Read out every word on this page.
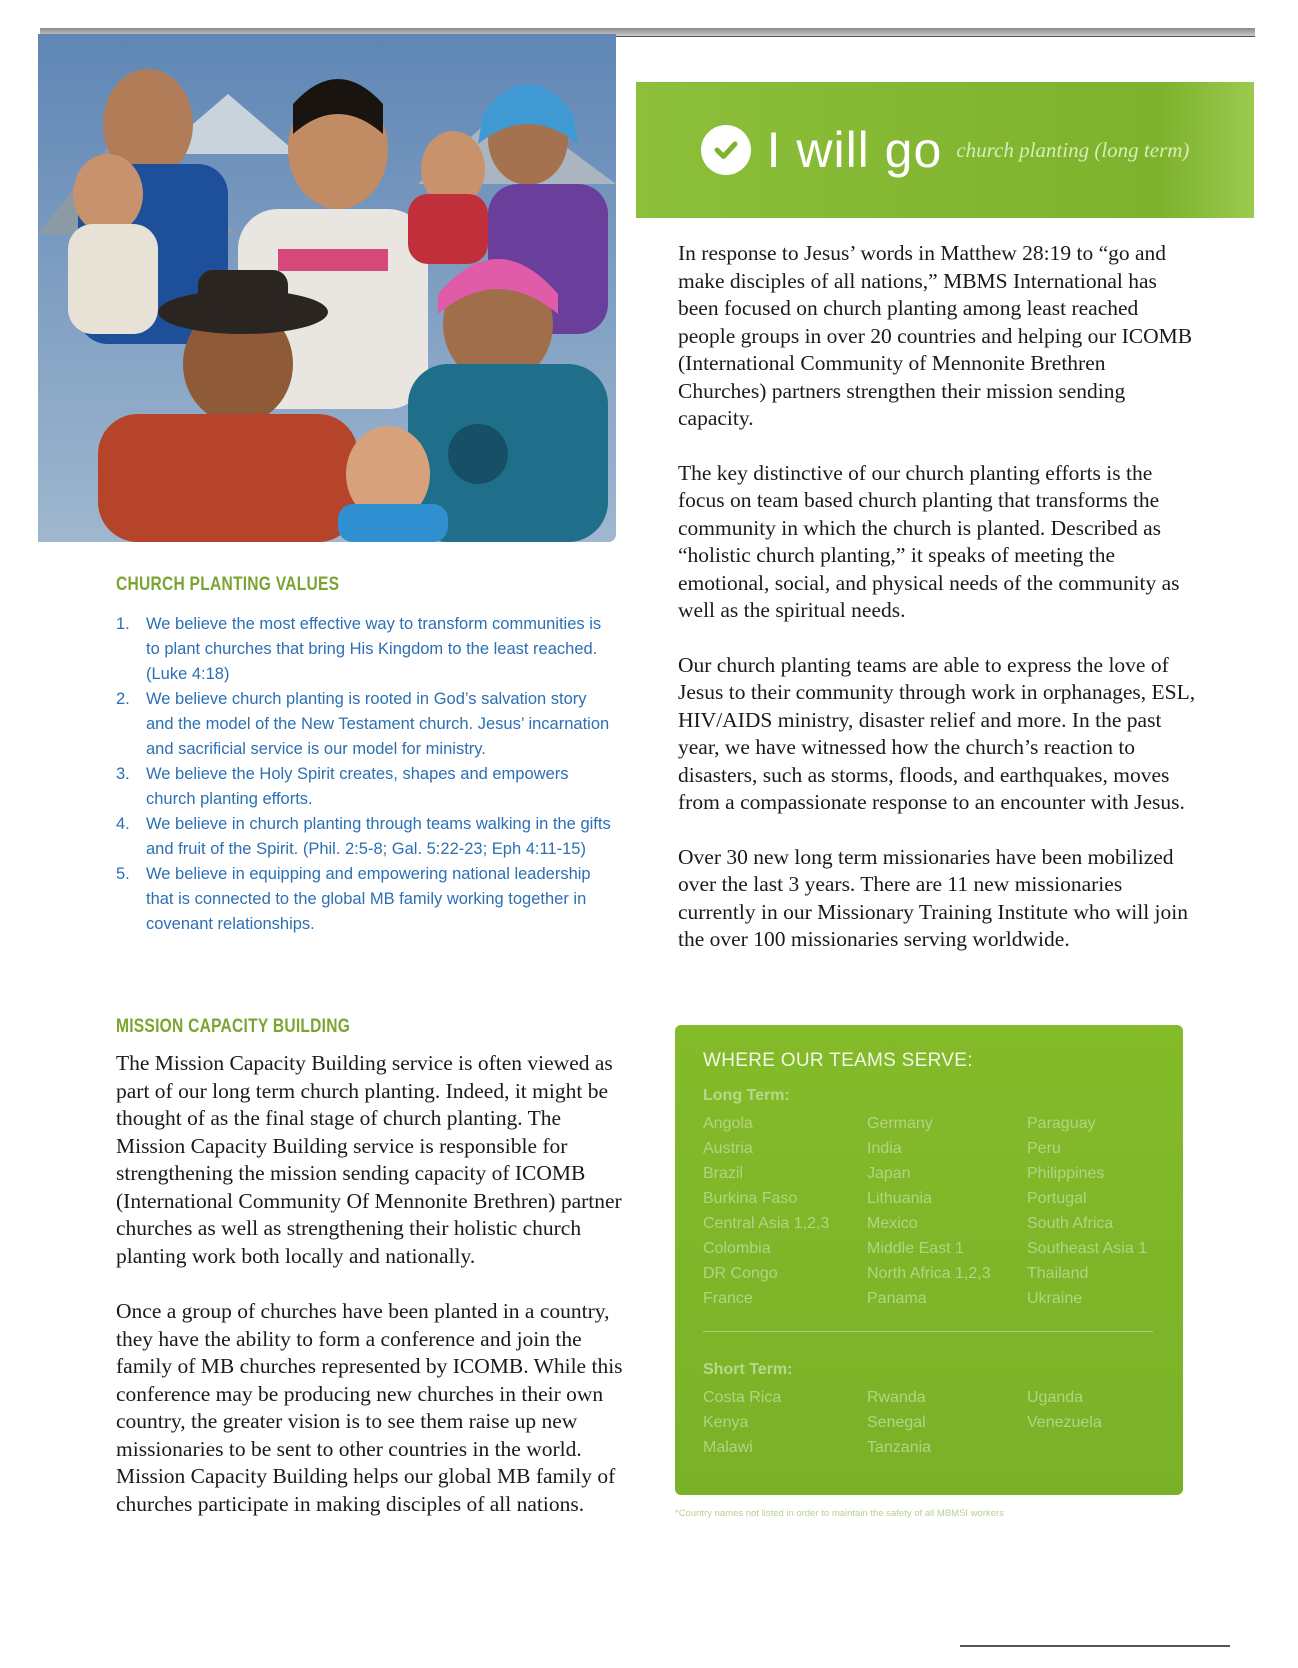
I will go church planting (long term)

In response to Jesus’ words in Matthew 28:19 to “go and make disciples of all nations,” MBMS International has been focused on church planting among least reached people groups in over 20 countries and helping our ICOMB (International Community of Mennonite Brethren Churches) partners strengthen their mission sending capacity.

The key distinctive of our church planting efforts is the focus on team based church planting that transforms the community in which the church is planted. Described as “holistic church planting,” it speaks of meeting the emotional, social, and physical needs of the community as well as the spiritual needs.

Our church planting teams are able to express the love of Jesus to their community through work in orphanages, ESL, HIV/AIDS ministry, disaster relief and more. In the past year, we have witnessed how the church’s reaction to disasters, such as storms, floods, and earthquakes, moves from a compassionate response to an encounter with Jesus.

Over 30 new long term missionaries have been mobilized over the last 3 years. There are 11 new missionaries currently in our Missionary Training Institute who will join the over 100 missionaries serving worldwide.

CHURCH PLANTING VALUES
1. We believe the most effective way to transform communities is to plant churches that bring His Kingdom to the least reached. (Luke 4:18)
2. We believe church planting is rooted in God’s salvation story and the model of the New Testament church. Jesus’ incarnation and sacrificial service is our model for ministry.
3. We believe the Holy Spirit creates, shapes and empowers church planting efforts.
4. We believe in church planting through teams walking in the gifts and fruit of the Spirit. (Phil. 2:5-8; Gal. 5:22-23; Eph 4:11-15)
5. We believe in equipping and empowering national leadership that is connected to the global MB family working together in covenant relationships.
MISSION CAPACITY BUILDING

The Mission Capacity Building service is often viewed as part of our long term church planting. Indeed, it might be thought of as the final stage of church planting. The Mission Capacity Building service is responsible for strengthening the mission sending capacity of ICOMB (International Community Of Mennonite Brethren) partner churches as well as strengthening their holistic church planting work both locally and nationally.

Once a group of churches have been planted in a country, they have the ability to form a conference and join the family of MB churches represented by ICOMB. While this conference may be producing new churches in their own country, the greater vision is to see them raise up new missionaries to be sent to other countries in the world. Mission Capacity Building helps our global MB family of churches participate in making disciples of all nations.

WHERE OUR TEAMS SERVE:
Long Term:
Angola	Germany	Paraguay
Austria	India	Peru
Brazil	Japan	Philippines
Burkina Faso	Lithuania	Portugal
Central Asia 1,2,3	Mexico	South Africa
Colombia	Middle East 1	Southeast Asia 1
DR Congo	North Africa 1,2,3	Thailand
France	Panama	Ukraine
Short Term:
Costa Rica	Rwanda	Uganda
Kenya	Senegal	Venezuela
Malawi	Tanzania
*Country names not listed in order to maintain the safety of all MBMSI workers
